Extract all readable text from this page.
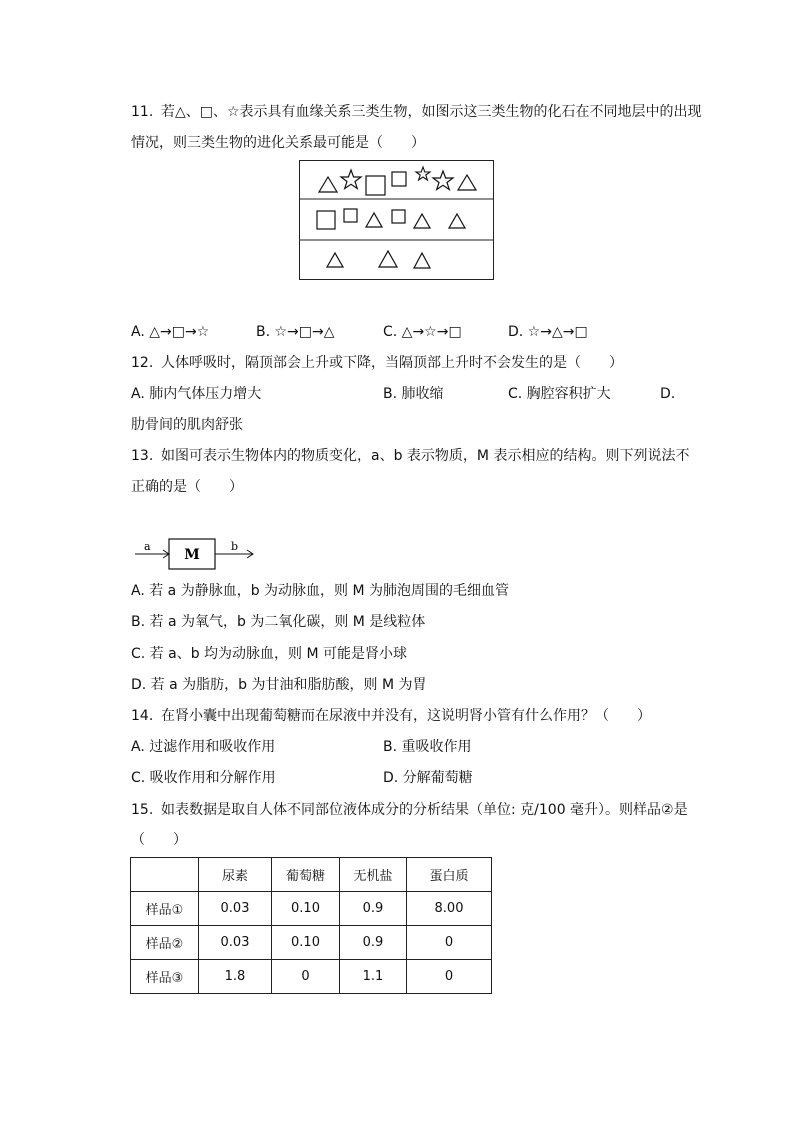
11. 若△、□、☆表示具有血缘关系三类生物，如图示这三类生物的化石在不同地层中的出现
情况，则三类生物的进化关系最可能是（　　）
A. △→□→☆	B. ☆→□→△	C. △→☆→□	D. ☆→△→□
12. 人体呼吸时，隔顶部会上升或下降，当隔顶部上升时不会发生的是（　　）
A. 肺内气体压力增大	B. 肺收缩	C. 胸腔容积扩大	D.
肋骨间的肌肉舒张
13. 如图可表示生物体内的物质变化，a、b 表示物质，M 表示相应的结构。则下列说法不
正确的是（　　）
a
M
b
A. 若 a 为静脉血，b 为动脉血，则 M 为肺泡周围的毛细血管
B. 若 a 为氧气，b 为二氧化碳，则 M 是线粒体
C. 若 a、b 均为动脉血，则 M 可能是肾小球
D. 若 a 为脂肪，b 为甘油和脂肪酸，则 M 为胃
14. 在肾小囊中出现葡萄糖而在尿液中并没有，这说明肾小管有什么作用？（　　）
A. 过滤作用和吸收作用	B. 重吸收作用
C. 吸收作用和分解作用	D. 分解葡萄糖
15. 如表数据是取自人体不同部位液体成分的分析结果（单位: 克/100 毫升）。则样品②是
（　　）
	尿素	葡萄糖	无机盐	蛋白质
样品①	0.03	0.10	0.9	8.00
样品②	0.03	0.10	0.9	0
样品③	1.8	0	1.1	0
